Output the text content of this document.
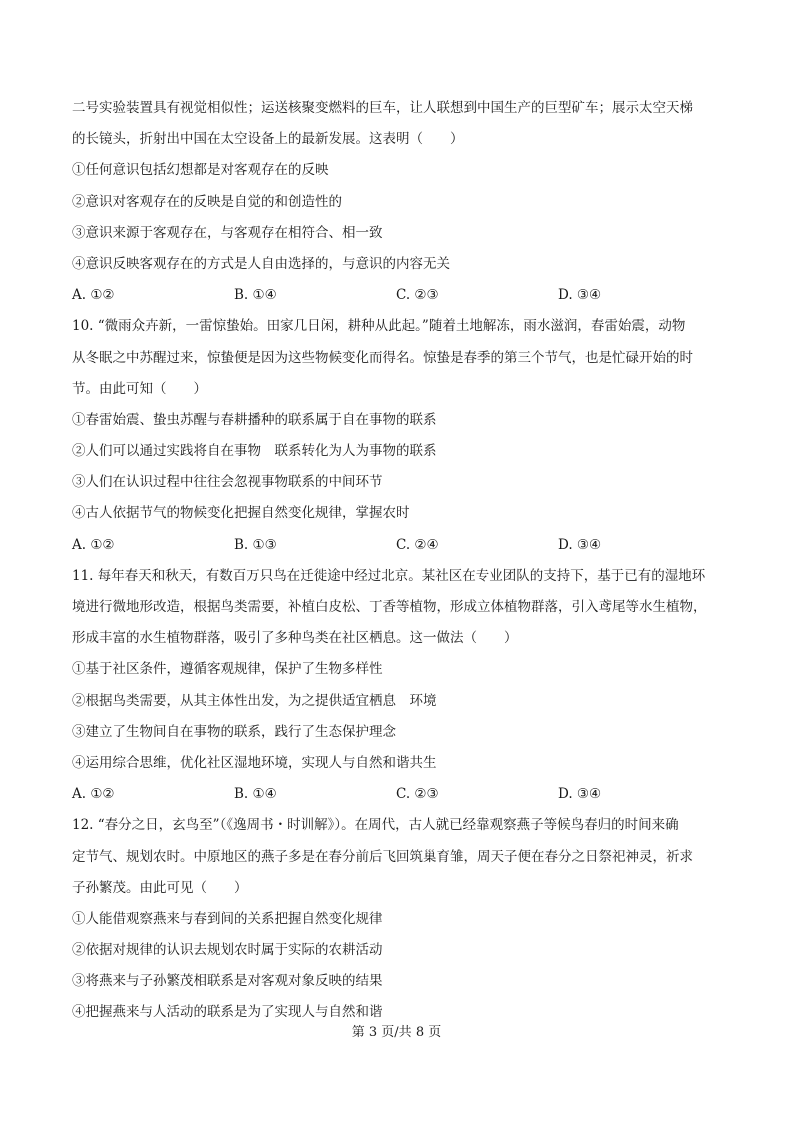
二号实验装置具有视觉相似性；运送核聚变燃料的巨车，让人联想到中国生产的巨型矿车；展示太空天梯
的长镜头，折射出中国在太空设备上的最新发展。这表明（　　）
①任何意识包括幻想都是对客观存在的反映
②意识对客观存在的反映是自觉的和创造性的
③意识来源于客观存在，与客观存在相符合、相一致
④意识反映客观存在的方式是人自由选择的，与意识的内容无关
A. ①②	B. ①④	C. ②③	D. ③④
10. “微雨众卉新，一雷惊蛰始。田家几日闲，耕种从此起。”随着土地解冻，雨水滋润，春雷始震，动物
从冬眠之中苏醒过来，惊蛰便是因为这些物候变化而得名。惊蛰是春季的第三个节气，也是忙碌开始的时
节。由此可知（　　）
①春雷始震、蛰虫苏醒与春耕播种的联系属于自在事物的联系
②人们可以通过实践将自在事物　联系转化为人为事物的联系
③人们在认识过程中往往会忽视事物联系的中间环节
④古人依据节气的物候变化把握自然变化规律，掌握农时
A. ①②	B. ①③	C. ②④	D. ③④
11. 每年春天和秋天，有数百万只鸟在迁徙途中经过北京。某社区在专业团队的支持下，基于已有的湿地环
境进行微地形改造，根据鸟类需要，补植白皮松、丁香等植物，形成立体植物群落，引入鸢尾等水生植物，
形成丰富的水生植物群落，吸引了多种鸟类在社区栖息。这一做法（　　）
①基于社区条件，遵循客观规律，保护了生物多样性
②根据鸟类需要，从其主体性出发，为之提供适宜栖息　环境
③建立了生物间自在事物的联系，践行了生态保护理念
④运用综合思维，优化社区湿地环境，实现人与自然和谐共生
A. ①②	B. ①④	C. ②③	D. ③④
12. “春分之日，玄鸟至”（《逸周书・时训解》）。在周代，古人就已经靠观察燕子等候鸟春归的时间来确
定节气、规划农时。中原地区的燕子多是在春分前后飞回筑巢育雏，周天子便在春分之日祭祀神灵，祈求
子孙繁茂。由此可见（　　）
①人能借观察燕来与春到间的关系把握自然变化规律
②依据对规律的认识去规划农时属于实际的农耕活动
③将燕来与子孙繁茂相联系是对客观对象反映的结果
④把握燕来与人活动的联系是为了实现人与自然和谐
第 3 页/共 8 页
